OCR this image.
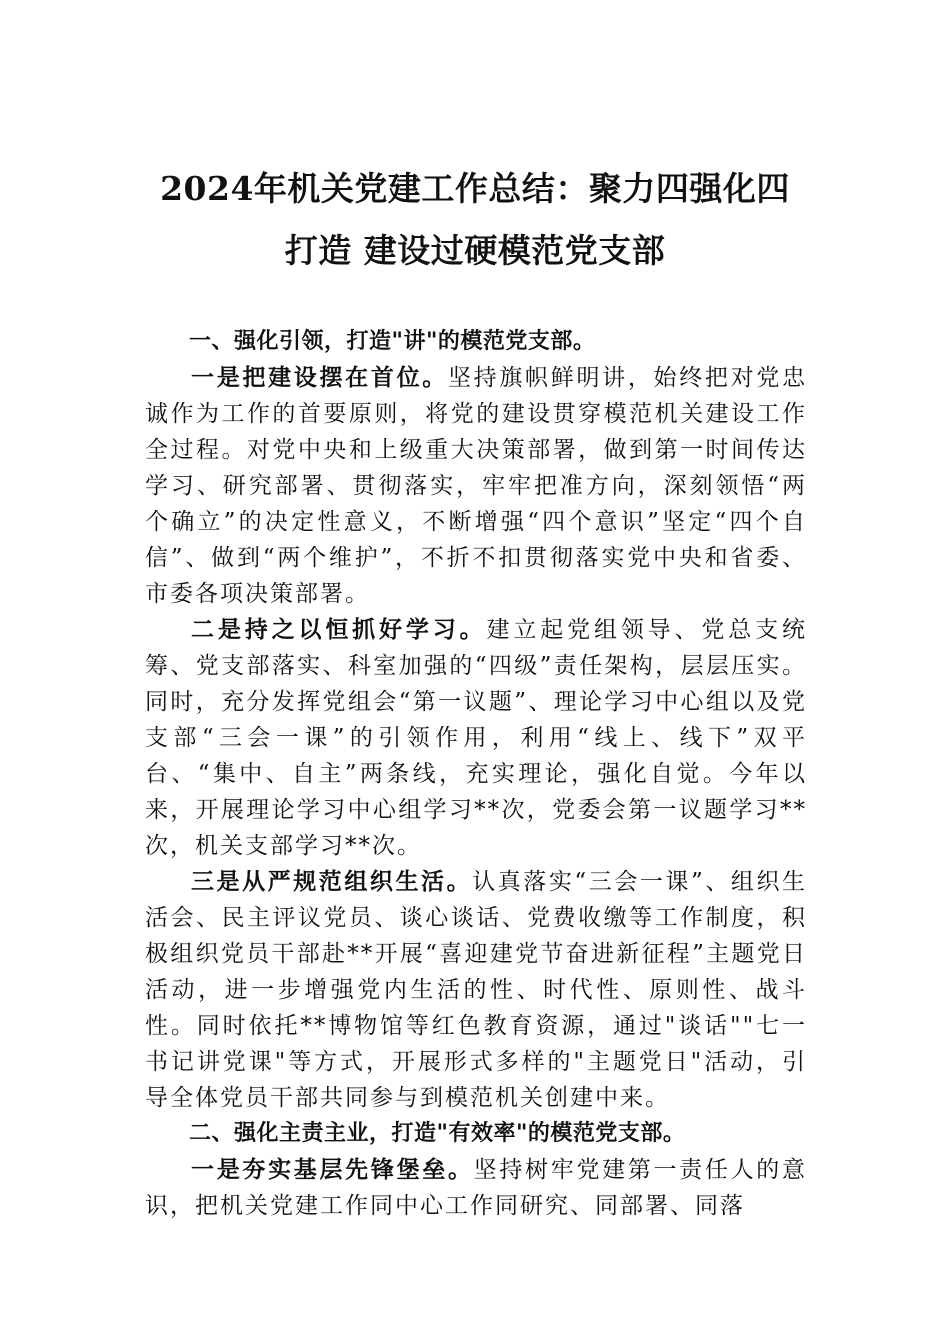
2024年机关党建工作总结：聚力四强化四
打造 建设过硬模范党支部

一、强化引领，打造"讲"的模范党支部。

一是把建设摆在首位。坚持旗帜鲜明讲，始终把对党忠诚作为工作的首要原则，将党的建设贯穿模范机关建设工作全过程。对党中央和上级重大决策部署，做到第一时间传达学习、研究部署、贯彻落实，牢牢把准方向，深刻领悟“两个确立”的决定性意义，不断增强“四个意识”坚定“四个自信”、做到“两个维护”，不折不扣贯彻落实党中央和省委、市委各项决策部署。

二是持之以恒抓好学习。建立起党组领导、党总支统筹、党支部落实、科室加强的“四级”责任架构，层层压实。同时，充分发挥党组会“第一议题”、理论学习中心组以及党支部“三会一课”的引领作用，利用“线上、线下”双平台、“集中、自主”两条线，充实理论，强化自觉。今年以来，开展理论学习中心组学习**次，党委会第一议题学习**次，机关支部学习**次。

三是从严规范组织生活。认真落实“三会一课”、组织生活会、民主评议党员、谈心谈话、党费收缴等工作制度，积极组织党员干部赴**开展“喜迎建党节奋进新征程”主题党日活动，进一步增强党内生活的性、时代性、原则性、战斗性。同时依托**博物馆等红色教育资源，通过"谈话""七一书记讲党课"等方式，开展形式多样的"主题党日"活动，引导全体党员干部共同参与到模范机关创建中来。

二、强化主责主业，打造"有效率"的模范党支部。

一是夯实基层先锋堡垒。坚持树牢党建第一责任人的意识，把机关党建工作同中心工作同研究、同部署、同落
